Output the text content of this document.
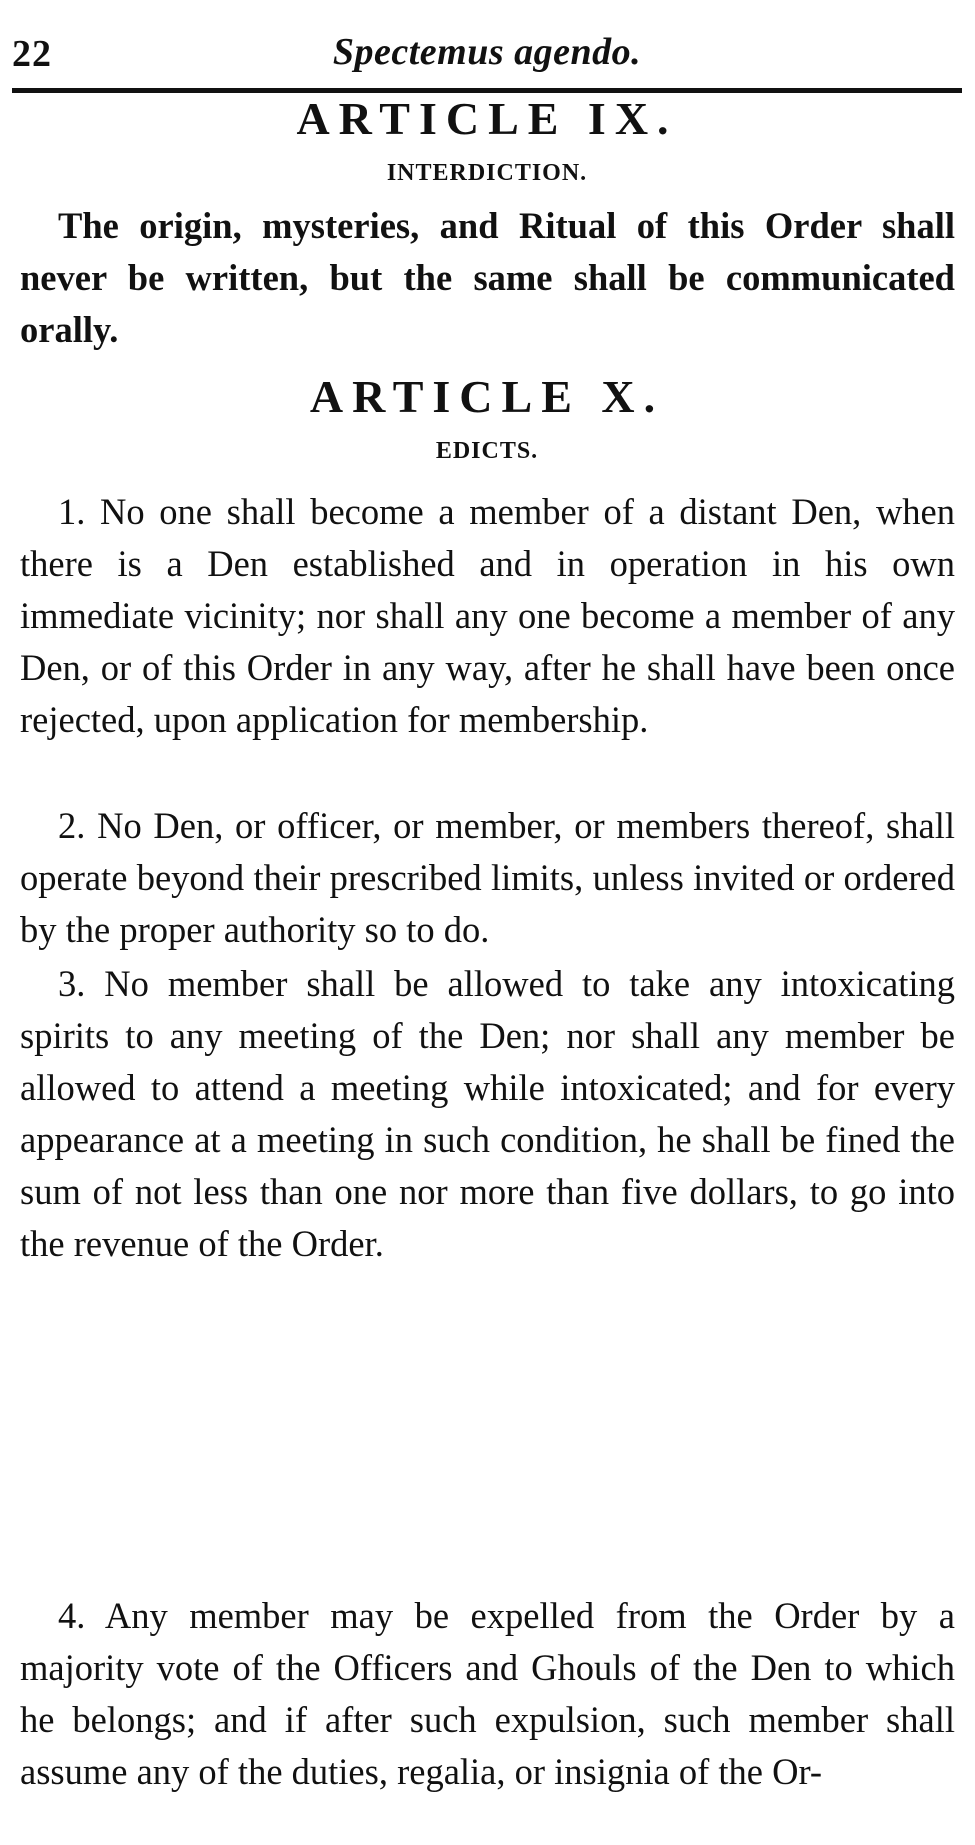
22	Spectemus agendo.
ARTICLE IX.
INTERDICTION.

The origin, mysteries, and Ritual of this Order shall never be written, but the same shall be communicated orally.

ARTICLE X.
EDICTS.

1. No one shall become a member of a distant Den, when there is a Den established and in operation in his own immediate vicinity; nor shall any one become a member of any Den, or of this Order in any way, after he shall have been once rejected, upon application for membership.

2. No Den, or officer, or member, or members thereof, shall operate beyond their prescribed limits, unless invited or ordered by the proper authority so to do.

3. No member shall be allowed to take any intoxicating spirits to any meeting of the Den; nor shall any member be allowed to attend a meeting while intoxicated; and for every appearance at a meeting in such condition, he shall be fined the sum of not less than one nor more than five dollars, to go into the revenue of the Order.

4. Any member may be expelled from the Order by a majority vote of the Officers and Ghouls of the Den to which he belongs; and if after such expulsion, such member shall assume any of the duties, regalia, or insignia of the Or-
